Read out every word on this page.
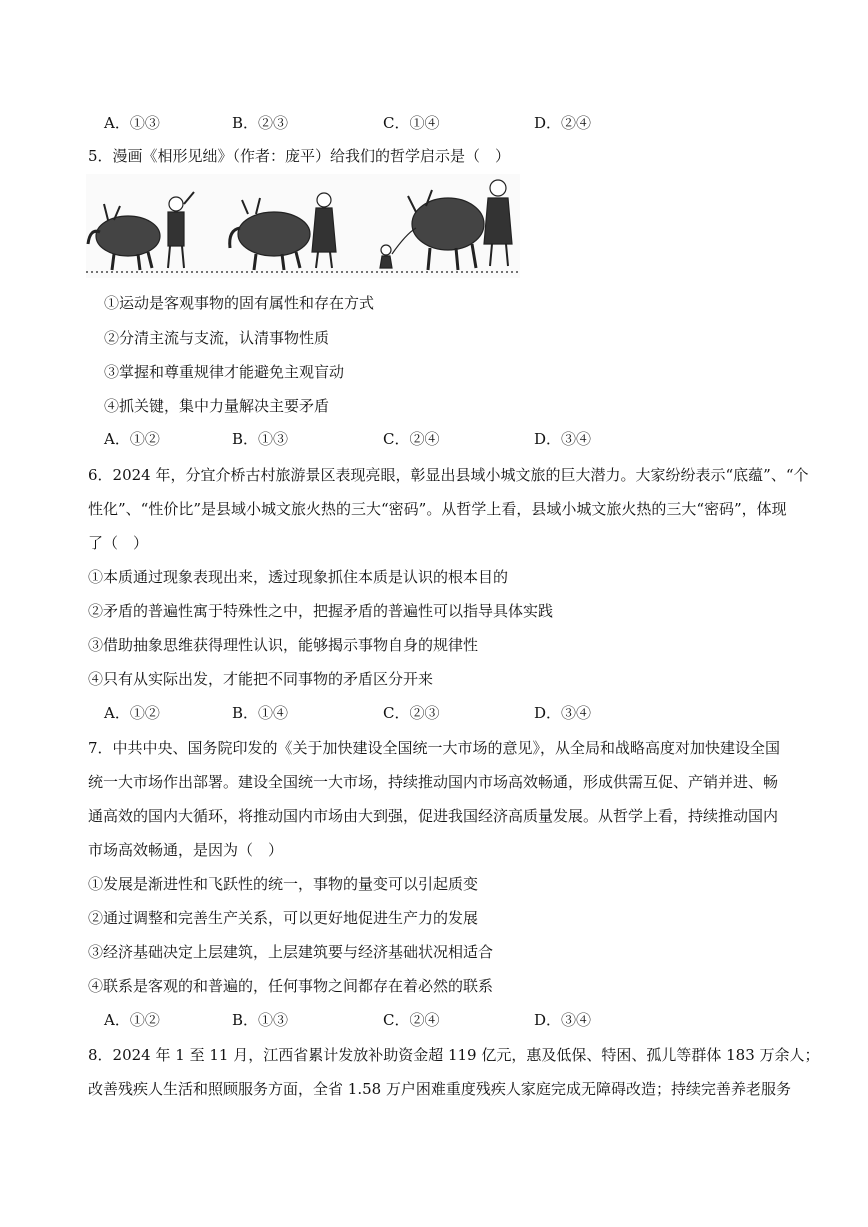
A．①③	B．②③	C．①④	D．②④
5．漫画《相形见绌》（作者：庞平）给我们的哲学启示是（　）
①运动是客观事物的固有属性和存在方式
②分清主流与支流，认清事物性质
③掌握和尊重规律才能避免主观盲动
④抓关键，集中力量解决主要矛盾
A．①②	B．①③	C．②④	D．③④
6．2024 年，分宜介桥古村旅游景区表现亮眼，彰显出县域小城文旅的巨大潜力。大家纷纷表示“底蕴”、“个
性化”、“性价比”是县域小城文旅火热的三大“密码”。从哲学上看，县域小城文旅火热的三大“密码”，体现
了（　）
①本质通过现象表现出来，透过现象抓住本质是认识的根本目的
②矛盾的普遍性寓于特殊性之中，把握矛盾的普遍性可以指导具体实践
③借助抽象思维获得理性认识，能够揭示事物自身的规律性
④只有从实际出发，才能把不同事物的矛盾区分开来
A．①②	B．①④	C．②③	D．③④
7．中共中央、国务院印发的《关于加快建设全国统一大市场的意见》，从全局和战略高度对加快建设全国
统一大市场作出部署。建设全国统一大市场，持续推动国内市场高效畅通，形成供需互促、产销并进、畅
通高效的国内大循环，将推动国内市场由大到强，促进我国经济高质量发展。从哲学上看，持续推动国内
市场高效畅通，是因为（　）
①发展是渐进性和飞跃性的统一，事物的量变可以引起质变
②通过调整和完善生产关系，可以更好地促进生产力的发展
③经济基础决定上层建筑，上层建筑要与经济基础状况相适合
④联系是客观的和普遍的，任何事物之间都存在着必然的联系
A．①②	B．①③	C．②④	D．③④
8．2024 年 1 至 11 月，江西省累计发放补助资金超 119 亿元，惠及低保、特困、孤儿等群体 183 万余人；
改善残疾人生活和照顾服务方面，全省 1.58 万户困难重度残疾人家庭完成无障碍改造；持续完善养老服务
